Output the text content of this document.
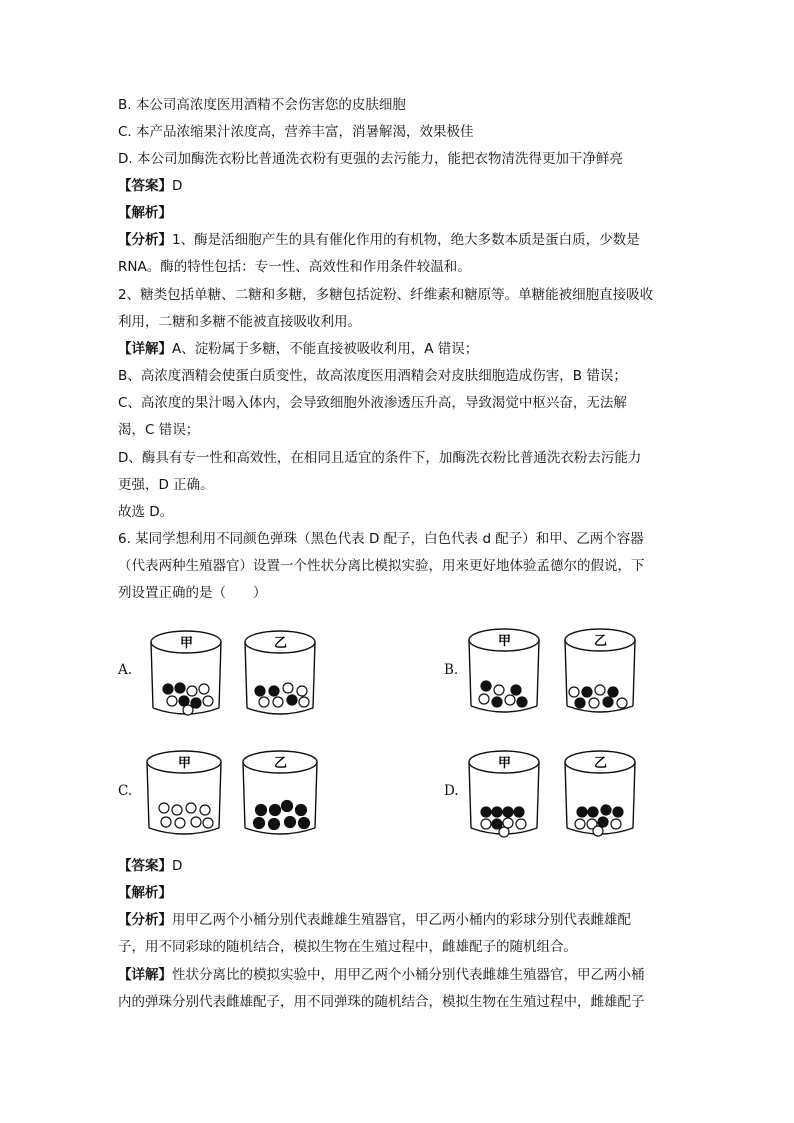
B. 本公司高浓度医用酒精不会伤害您的皮肤细胞
C. 本产品浓缩果汁浓度高，营养丰富，消暑解渴，效果极佳
D. 本公司加酶洗衣粉比普通洗衣粉有更强的去污能力，能把衣物清洗得更加干净鲜亮
【答案】D
【解析】
【分析】1、酶是活细胞产生的具有催化作用的有机物，绝大多数本质是蛋白质，少数是
RNA。酶的特性包括：专一性、高效性和作用条件较温和。
2、糖类包括单糖、二糖和多糖，多糖包括淀粉、纤维素和糖原等。单糖能被细胞直接吸收
利用，二糖和多糖不能被直接吸收利用。
【详解】A、淀粉属于多糖，不能直接被吸收利用，A 错误；
B、高浓度酒精会使蛋白质变性，故高浓度医用酒精会对皮肤细胞造成伤害，B 错误；
C、高浓度的果汁喝入体内，会导致细胞外液渗透压升高，导致渴觉中枢兴奋，无法解
渴，C 错误；
D、酶具有专一性和高效性，在相同且适宜的条件下，加酶洗衣粉比普通洗衣粉去污能力
更强，D 正确。
故选 D。
6. 某同学想利用不同颜色弹珠（黑色代表 D 配子，白色代表 d 配子）和甲、乙两个容器
（代表两种生殖器官）设置一个性状分离比模拟实验，用来更好地体验孟德尔的假说，下
列设置正确的是（　　）
A.	B.
C.	D.
甲	乙	甲	乙
甲	乙	甲	乙
【答案】D
【解析】
【分析】用甲乙两个小桶分别代表雌雄生殖器官，甲乙两小桶内的彩球分别代表雌雄配
子，用不同彩球的随机结合，模拟生物在生殖过程中，雌雄配子的随机组合。
【详解】性状分离比的模拟实验中，用甲乙两个小桶分别代表雌雄生殖器官，甲乙两小桶
内的弹珠分别代表雌雄配子，用不同弹珠的随机结合，模拟生物在生殖过程中，雌雄配子
